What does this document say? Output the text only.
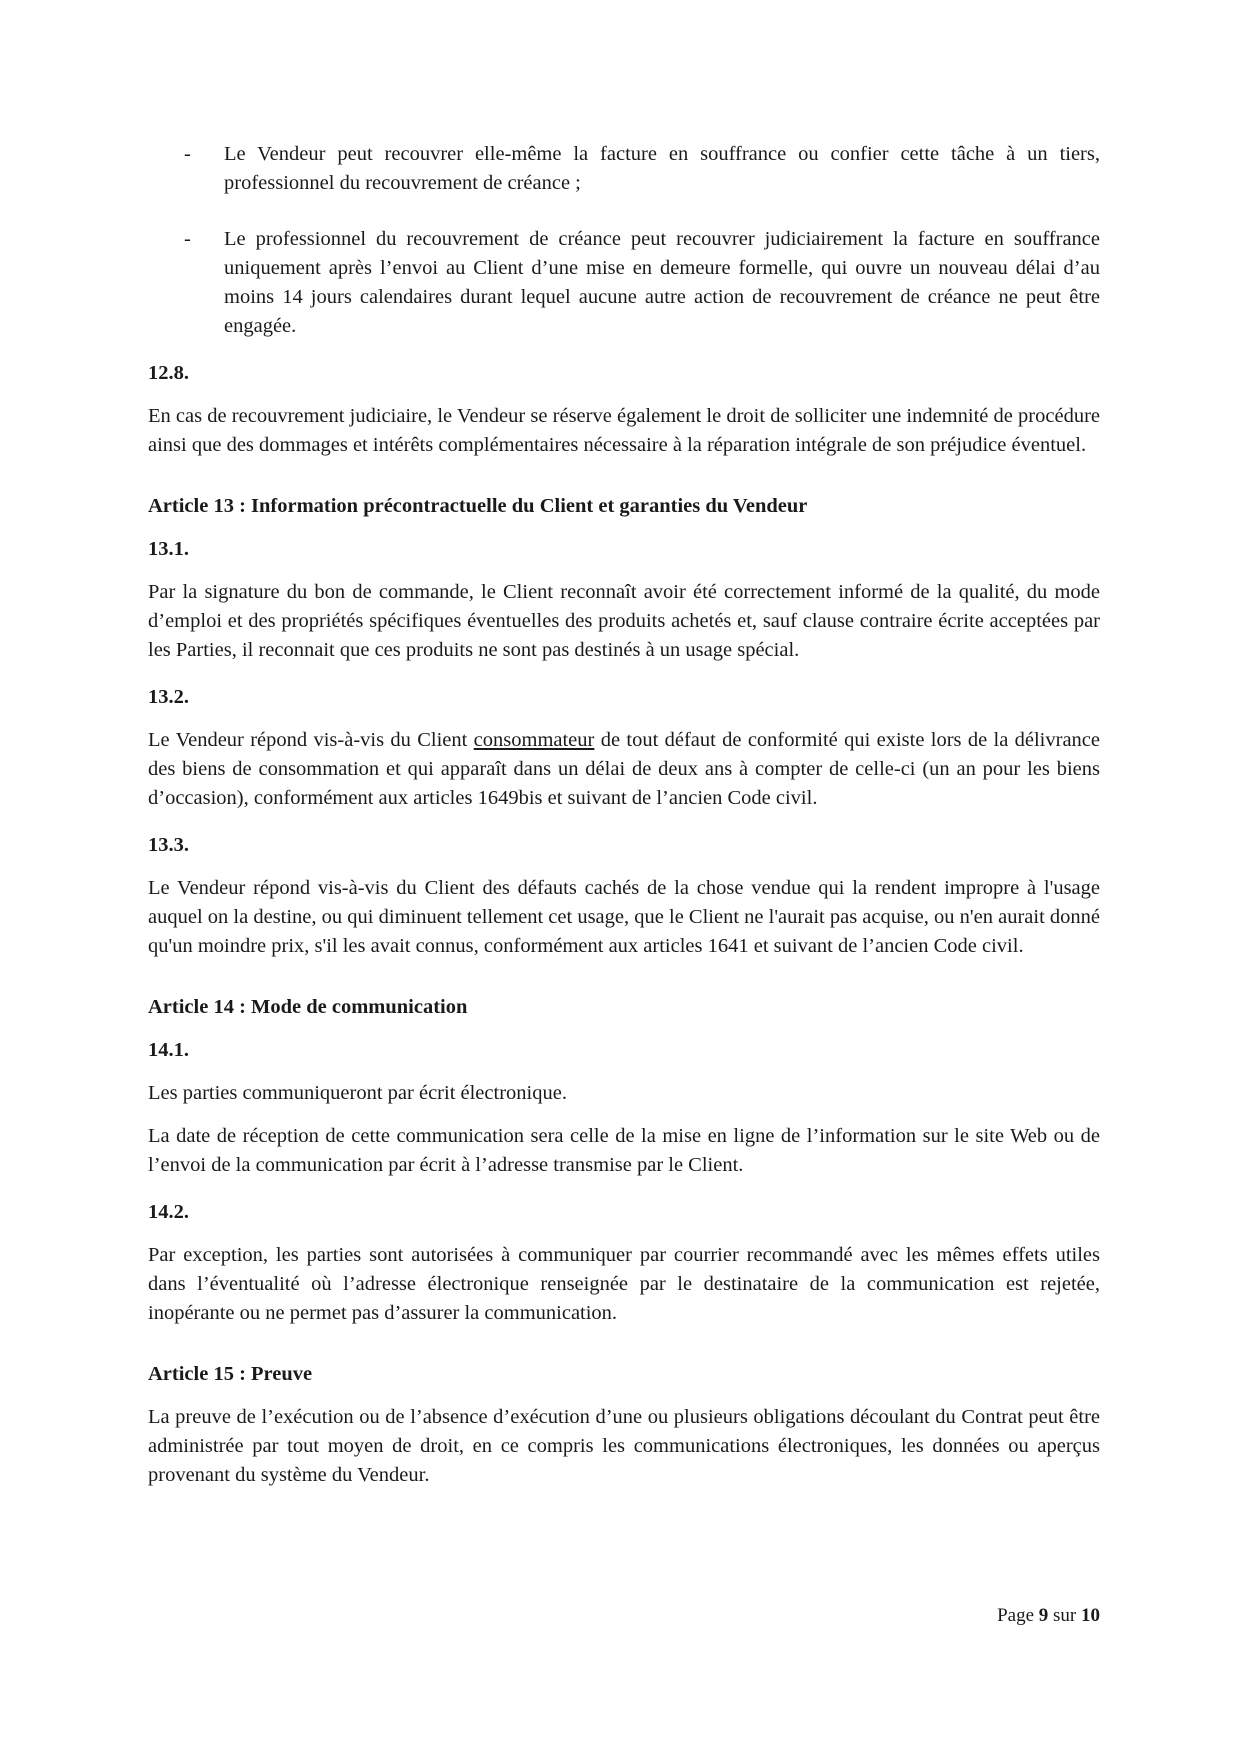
-	Le Vendeur peut recouvrer elle-même la facture en souffrance ou confier cette tâche à un tiers, professionnel du recouvrement de créance ;
-	Le professionnel du recouvrement de créance peut recouvrer judiciairement la facture en souffrance uniquement après l’envoi au Client d’une mise en demeure formelle, qui ouvre un nouveau délai d’au moins 14 jours calendaires durant lequel aucune autre action de recouvrement de créance ne peut être engagée.

12.8.

En cas de recouvrement judiciaire, le Vendeur se réserve également le droit de solliciter une indemnité de procédure ainsi que des dommages et intérêts complémentaires nécessaire à la réparation intégrale de son préjudice éventuel.

Article 13 : Information précontractuelle du Client et garanties du Vendeur

13.1.

Par la signature du bon de commande, le Client reconnaît avoir été correctement informé de la qualité, du mode d’emploi et des propriétés spécifiques éventuelles des produits achetés et, sauf clause contraire écrite acceptées par les Parties, il reconnait que ces produits ne sont pas destinés à un usage spécial.

13.2.

Le Vendeur répond vis-à-vis du Client consommateur de tout défaut de conformité qui existe lors de la délivrance des biens de consommation et qui apparaît dans un délai de deux ans à compter de celle-ci (un an pour les biens d’occasion), conformément aux articles 1649bis et suivant de l’ancien Code civil.

13.3.

Le Vendeur répond vis-à-vis du Client des défauts cachés de la chose vendue qui la rendent impropre à l'usage auquel on la destine, ou qui diminuent tellement cet usage, que le Client ne l'aurait pas acquise, ou n'en aurait donné qu'un moindre prix, s'il les avait connus, conformément aux articles 1641 et suivant de l’ancien Code civil.

Article 14 : Mode de communication

14.1.

Les parties communiqueront par écrit électronique.

La date de réception de cette communication sera celle de la mise en ligne de l’information sur le site Web ou de l’envoi de la communication par écrit à l’adresse transmise par le Client.

14.2.

Par exception, les parties sont autorisées à communiquer par courrier recommandé avec les mêmes effets utiles dans l’éventualité où l’adresse électronique renseignée par le destinataire de la communication est rejetée, inopérante ou ne permet pas d’assurer la communication.

Article 15 : Preuve

La preuve de l’exécution ou de l’absence d’exécution d’une ou plusieurs obligations découlant du Contrat peut être administrée par tout moyen de droit, en ce compris les communications électroniques, les données ou aperçus provenant du système du Vendeur.

Page 9 sur 10
